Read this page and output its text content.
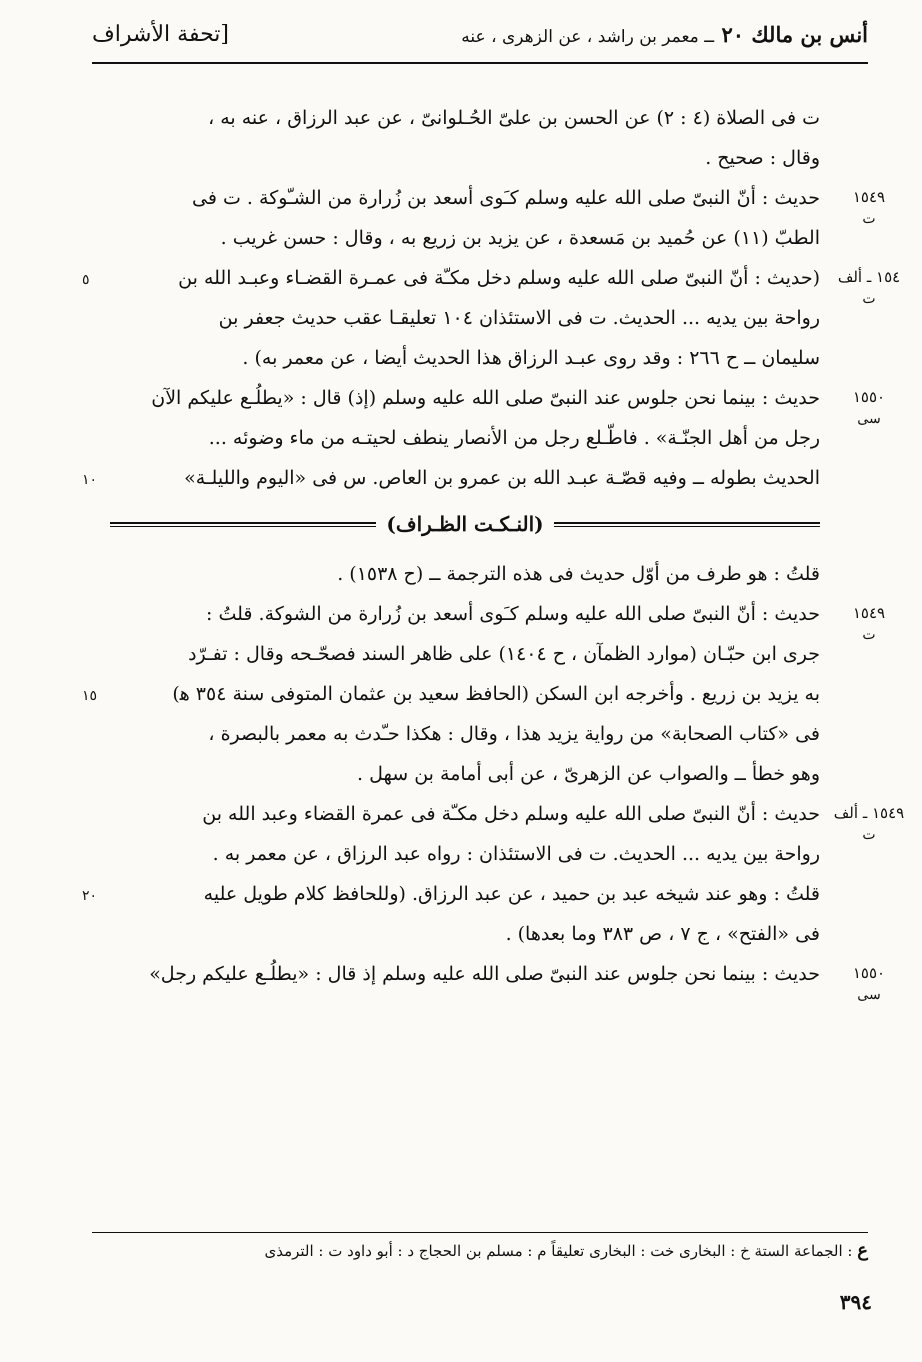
أنس بن مالك ٢٠ ــ معمر بن راشد ، عن الزهرى ، عنه
[تحفة الأشراف
ت فى الصلاة (٤ : ٢) عن الحسن بن علىّ الحُـلوانىّ ، عن عبد الرزاق ، عنه به ،
وقال : صحيح .
١٥٤٩
ت
حديث : أنّ النبىّ صلى الله عليه وسلم كـَوى أسعد بن زُرارة من الشـّوكة . ت فى
الطبّ (١١) عن حُميد بن مَسعدة ، عن يزيد بن زريع به ، وقال : حسن غريب .
١٥٤ ـ ألف
ت
٥	(حديث : أنّ النبىّ صلى الله عليه وسلم دخل مكـّة فى عمـرة القضـاء وعبـد الله بن
رواحة بين يديه ... الحديث. ت فى الاستئذان ١٠٤ تعليقـا عقب حديث جعفر بن
سليمان ــ ح ٢٦٦ : وقد روى عبـد الرزاق هذا الحديث أيضا ، عن معمر به) .
١٥٥٠
سى
١٠
حديث : بينما نحن جلوس عند النبىّ صلى الله عليه وسلم (إذ) قال : «يطلُـع عليكم الآن
رجل من أهل الجنّـة» . فاطّـلع رجل من الأنصار ينطف لحيتـه من ماء وضوئه ...
الحديث بطوله ــ وفيه قصّـة عبـد الله بن عمرو بن العاص. س فى «اليوم والليلـة»
(النـكـت الظـراف)
قلتُ : هو طرف من أوّل حديث فى هذه الترجمة ــ (ح ١٥٣٨) .
١٥٤٩
ت
١٥
حديث : أنّ النبىّ صلى الله عليه وسلم كـَوى أسعد بن زُرارة من الشوكة. قلتُ :
جرى ابن حبّـان (موارد الظمآن ، ح ١٤٠٤) على ظاهر السند فصحّـحه وقال : تفـرّد
به يزيد بن زريع . وأخرجه ابن السكن (الحافظ سعيد بن عثمان المتوفى سنة ٣٥٤ ﻫ)
فى «كتاب الصحابة» من رواية يزيد هذا ، وقال : هكذا حـّدث به معمر بالبصرة ،
وهو خطأ ــ والصواب عن الزهرىّ ، عن أبى أمامة بن سهل .
١٥٤٩ ـ ألف
ت
٢٠
حديث : أنّ النبىّ صلى الله عليه وسلم دخل مكـّة فى عمرة القضاء وعبد الله بن
رواحة بين يديه ... الحديث. ت فى الاستئذان : رواه عبد الرزاق ، عن معمر به .
قلتُ : وهو عند شيخه عبد بن حميد ، عن عبد الرزاق. (وللحافظ كلام طويل عليه
فى «الفتح» ، ج ٧ ، ص ٣٨٣ وما بعدها) .
١٥٥٠
سى
حديث : بينما نحن جلوس عند النبىّ صلى الله عليه وسلم إذ قال : «يطلُـع عليكم رجل»
ع : الجماعة الستة خ : البخارى خت : البخارى تعليقاً م : مسلم بن الحجاج د : أبو داود ت : الترمذى
٣٩٤
